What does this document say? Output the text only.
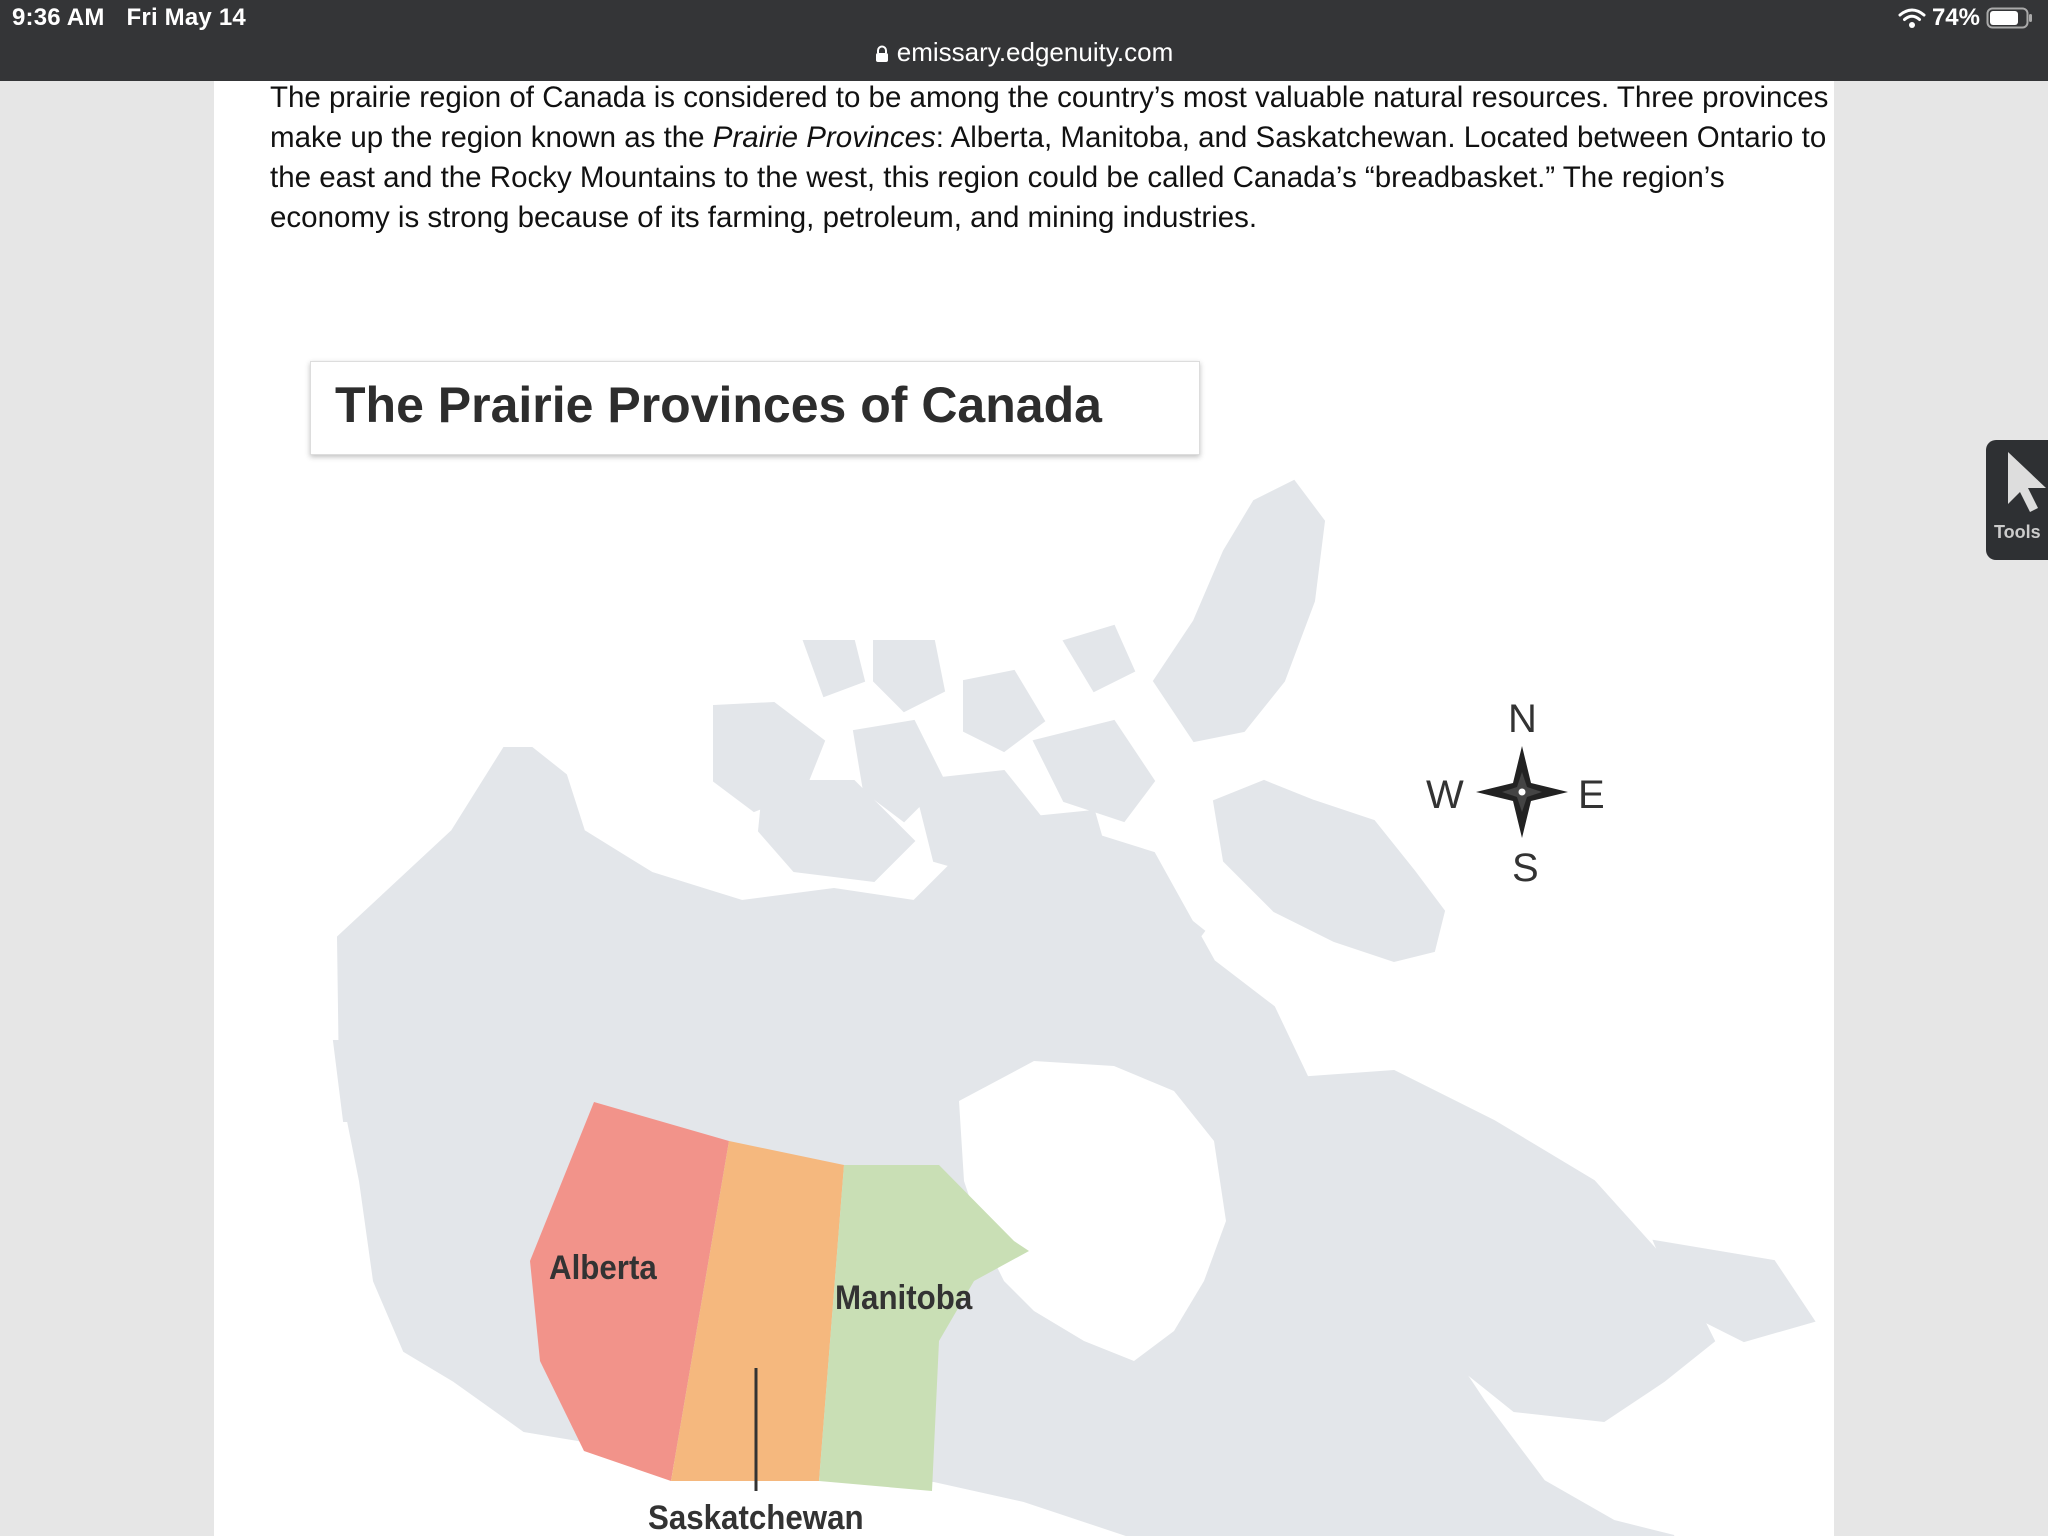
9:36 AM Fri May 14	74%
emissary.edgenuity.com

The prairie region of Canada is considered to be among the country’s most valuable natural resources. Three provinces make up the region known as the Prairie Provinces: Alberta, Manitoba, and Saskatchewan. Located between Ontario to the east and the Rocky Mountains to the west, this region could be called Canada’s “breadbasket.” The region’s economy is strong because of its farming, petroleum, and mining industries.

The Prairie Provinces of Canada
Alberta
Manitoba
Saskatchewan
N
S
E
W
Tools
